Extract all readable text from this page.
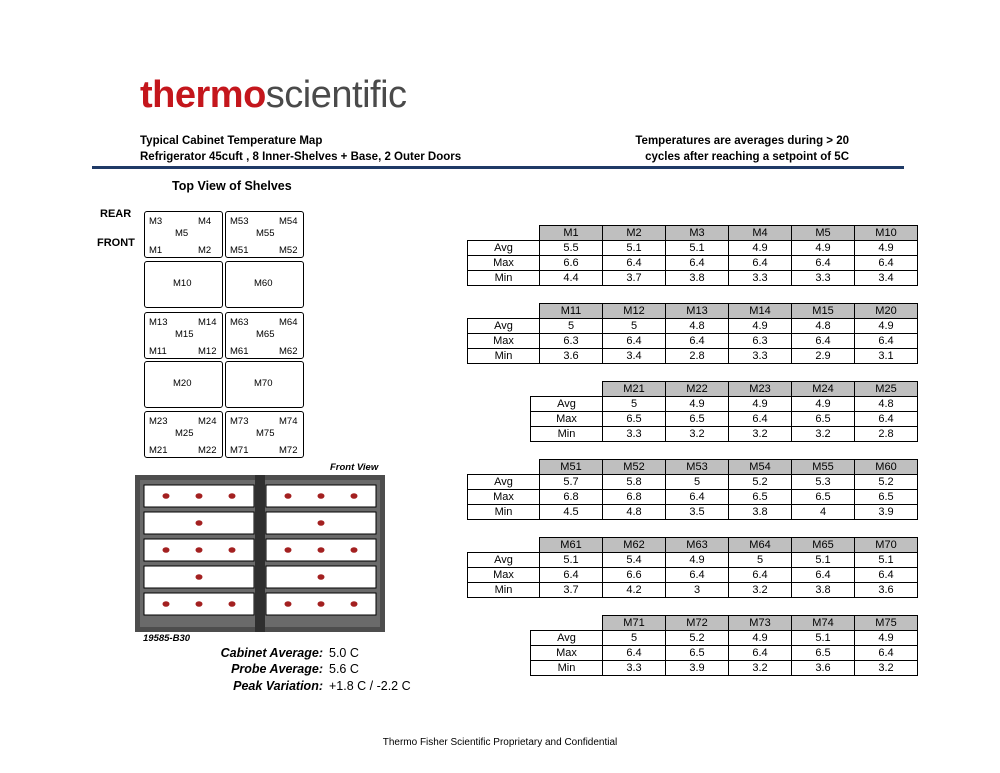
thermoscientific
Typical Cabinet Temperature Map
Refrigerator 45cuft , 8 Inner-Shelves + Base, 2 Outer Doors
Temperatures are averages during > 20
cycles after reaching a setpoint of 5C
Top View of Shelves
REAR
FRONT
M3	M4
M5
M1	M2
M53	M54
M55
M51	M52
M10	M60
M13	M14
M15
M11	M12
M63	M64
M65
M61	M62
M20	M70
M23	M24
M25
M21	M22
M73	M74
M75
M71	M72
Front View
19585-B30
Cabinet Average: 5.0 C
Probe Average: 5.6 C
Peak Variation: +1.8 C / -2.2 C
	M1	M2	M3	M4	M5	M10
Avg	5.5	5.1	5.1	4.9	4.9	4.9
Max	6.6	6.4	6.4	6.4	6.4	6.4
Min	4.4	3.7	3.8	3.3	3.3	3.4
	M11	M12	M13	M14	M15	M20
Avg	5	5	4.8	4.9	4.8	4.9
Max	6.3	6.4	6.4	6.3	6.4	6.4
Min	3.6	3.4	2.8	3.3	2.9	3.1
	M21	M22	M23	M24	M25
Avg	5	4.9	4.9	4.9	4.8
Max	6.5	6.5	6.4	6.5	6.4
Min	3.3	3.2	3.2	3.2	2.8
	M51	M52	M53	M54	M55	M60
Avg	5.7	5.8	5	5.2	5.3	5.2
Max	6.8	6.8	6.4	6.5	6.5	6.5
Min	4.5	4.8	3.5	3.8	4	3.9
	M61	M62	M63	M64	M65	M70
Avg	5.1	5.4	4.9	5	5.1	5.1
Max	6.4	6.6	6.4	6.4	6.4	6.4
Min	3.7	4.2	3	3.2	3.8	3.6
	M71	M72	M73	M74	M75
Avg	5	5.2	4.9	5.1	4.9
Max	6.4	6.5	6.4	6.5	6.4
Min	3.3	3.9	3.2	3.6	3.2
Thermo Fisher Scientific Proprietary and Confidential
